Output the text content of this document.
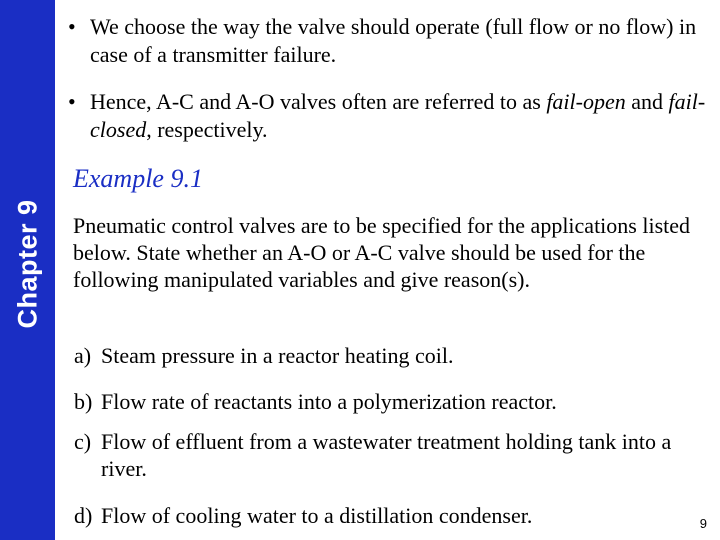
Chapter 9
• We choose the way the valve should operate (full flow or no flow) in case of a transmitter failure.
• Hence, A-C and A-O valves often are referred to as fail-open and fail-closed, respectively.
Example 9.1
Pneumatic control valves are to be specified for the applications listed below. State whether an A-O or A-C valve should be used for the following manipulated variables and give reason(s).
a) Steam pressure in a reactor heating coil.
b) Flow rate of reactants into a polymerization reactor.
c) Flow of effluent from a wastewater treatment holding tank into a river.
d) Flow of cooling water to a distillation condenser.	9
